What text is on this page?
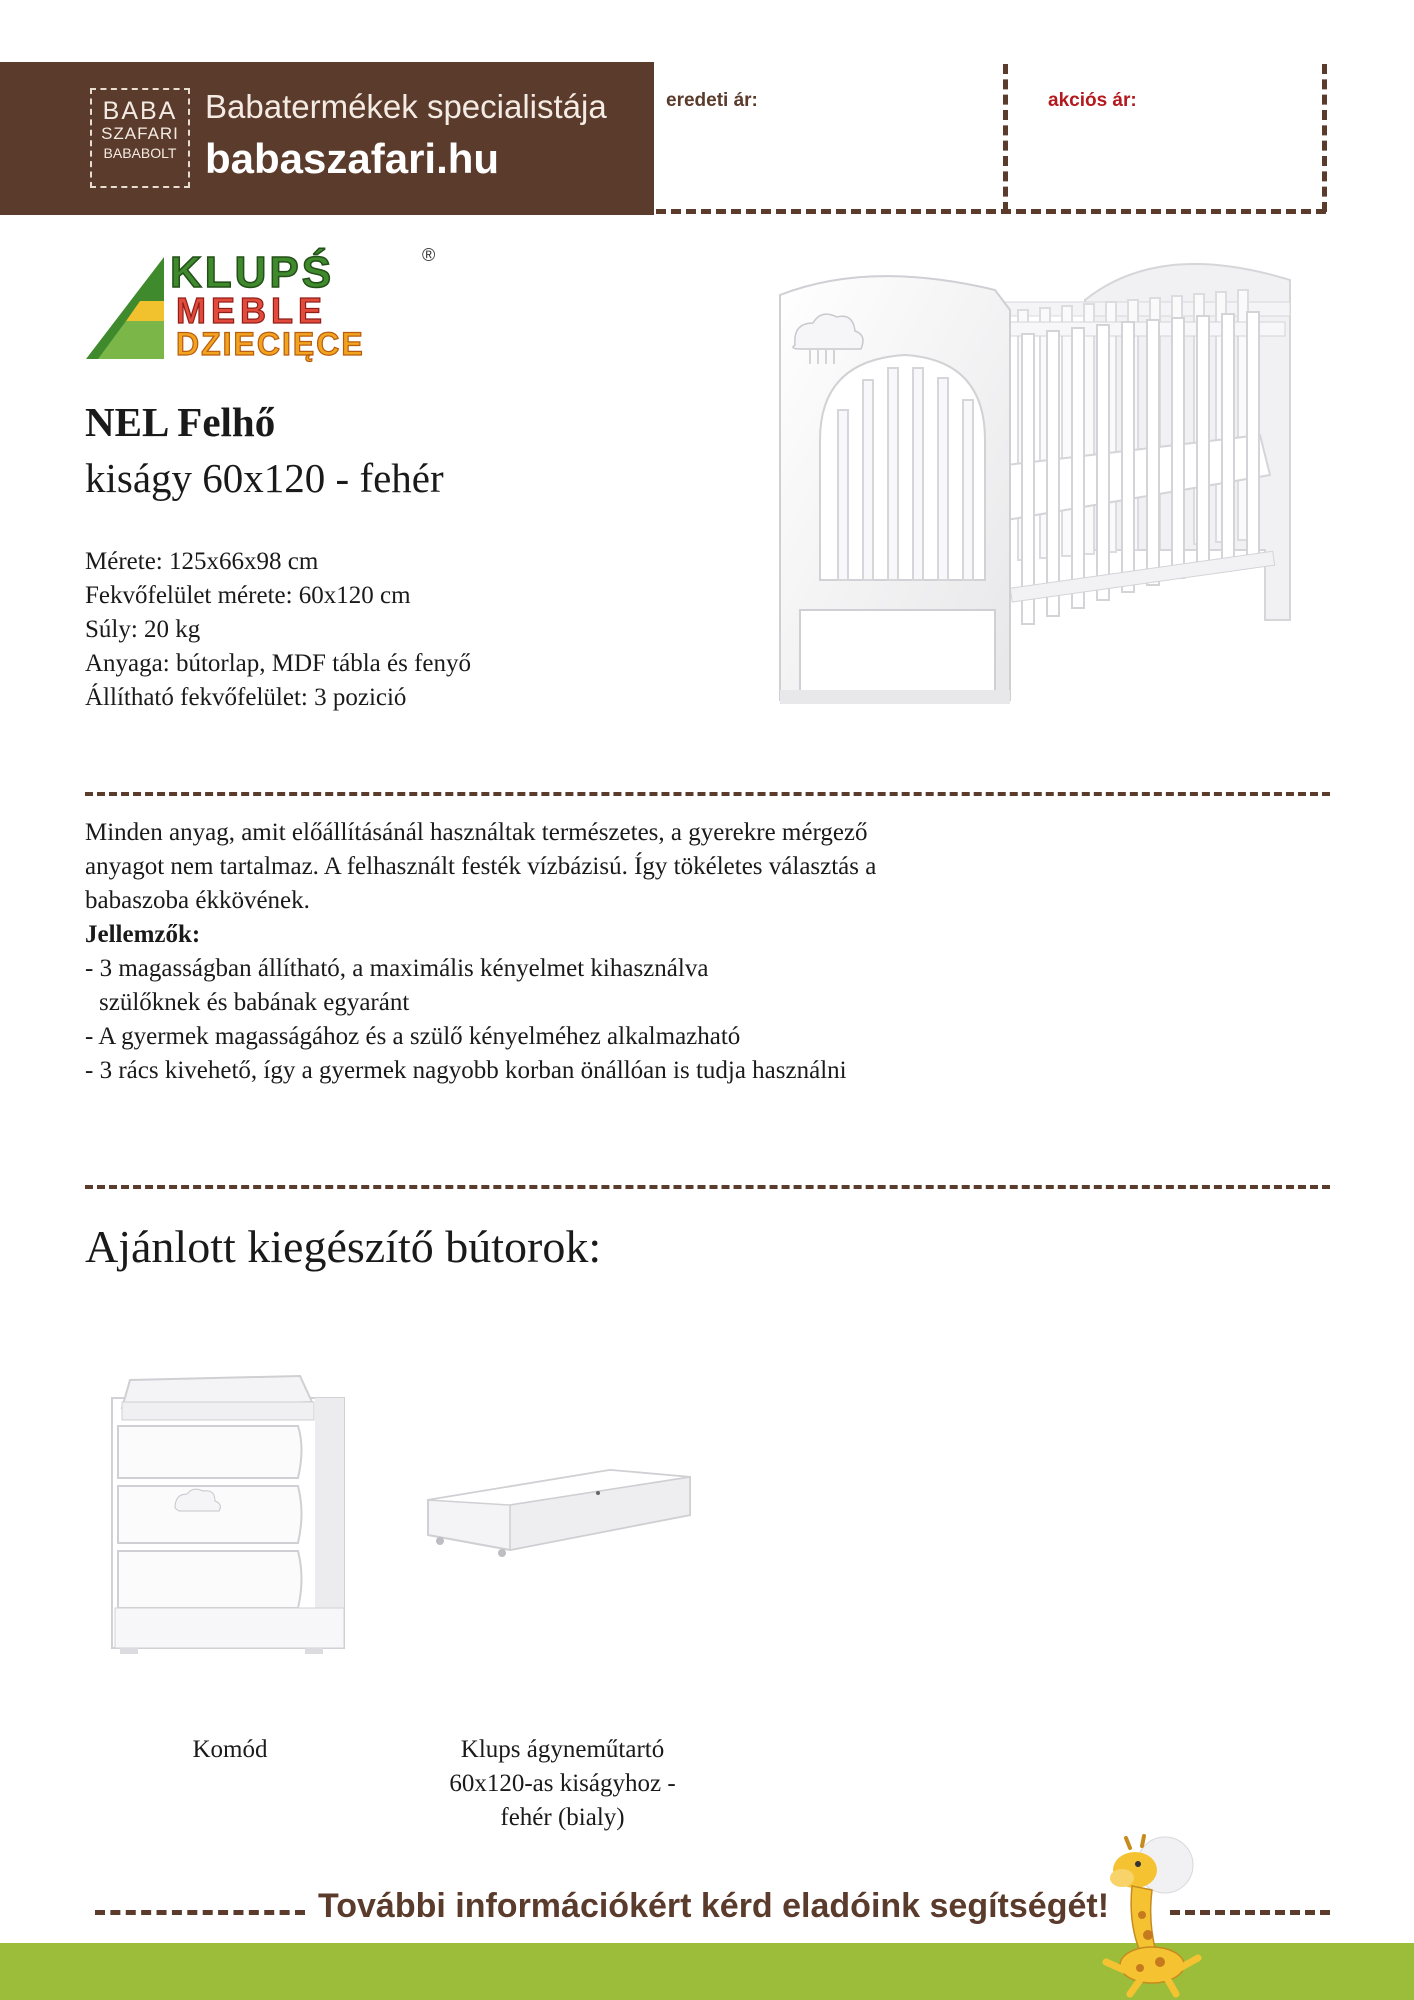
BABA
SZAFARI
BABABOLT
Babatermékek specialistája
babaszafari.hu
eredeti ár:	akciós ár:
KLUPŚ	®
MEBLE
DZIECIĘCE
NEL Felhő
kiságy 60x120 - fehér
Mérete: 125x66x98 cm
Fekvőfelület mérete: 60x120 cm
Súly: 20 kg
Anyaga: bútorlap, MDF tábla és fenyő
Állítható fekvőfelület: 3 pozició
Minden anyag, amit előállításánál használtak természetes, a gyerekre mérgező
anyagot nem tartalmaz. A felhasznált festék vízbázisú. Így tökéletes választás a
babaszoba ékkövének.
Jellemzők:
- 3 magasságban állítható, a maximális kényelmet kihasználva
szülőknek és babának egyaránt
- A gyermek magasságához és a szülő kényelméhez alkalmazható
- 3 rács kivehető, így a gyermek nagyobb korban önállóan is tudja használni
Ajánlott kiegészítő bútorok:
Komód	Klups ágyneműtartó
60x120-as kiságyhoz -
fehér (bialy)
További információkért kérd eladóink segítségét!
